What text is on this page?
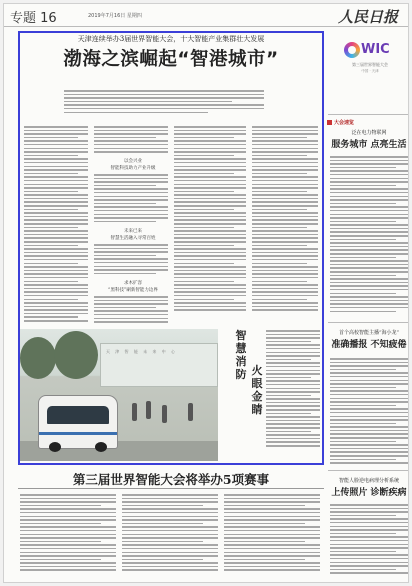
专题 16	2019年7月16日 星期四	人民日报
天津连续举办3届世界智能大会，十大智能产业集群壮大发展
渤海之滨崛起“智港城市”
以会兴业
智能科技助力产业升级
未来已来
智慧生活融入寻常百姓
求木扩容
“黑科技”刷新智能力边界
天 津 智 能 未 来 中 心
智慧消防 火眼金睛
第三届世界智能大会将举办5项赛事
WIC
第三届世界智能大会
中国 · 天津
大会速览
泛在电力物联网
服务城市 点亮生活
首个高校智能主播“海小龙”
准确播报 不知疲倦
智能人脸逆电病理分析系统
上传照片 诊断疾病
